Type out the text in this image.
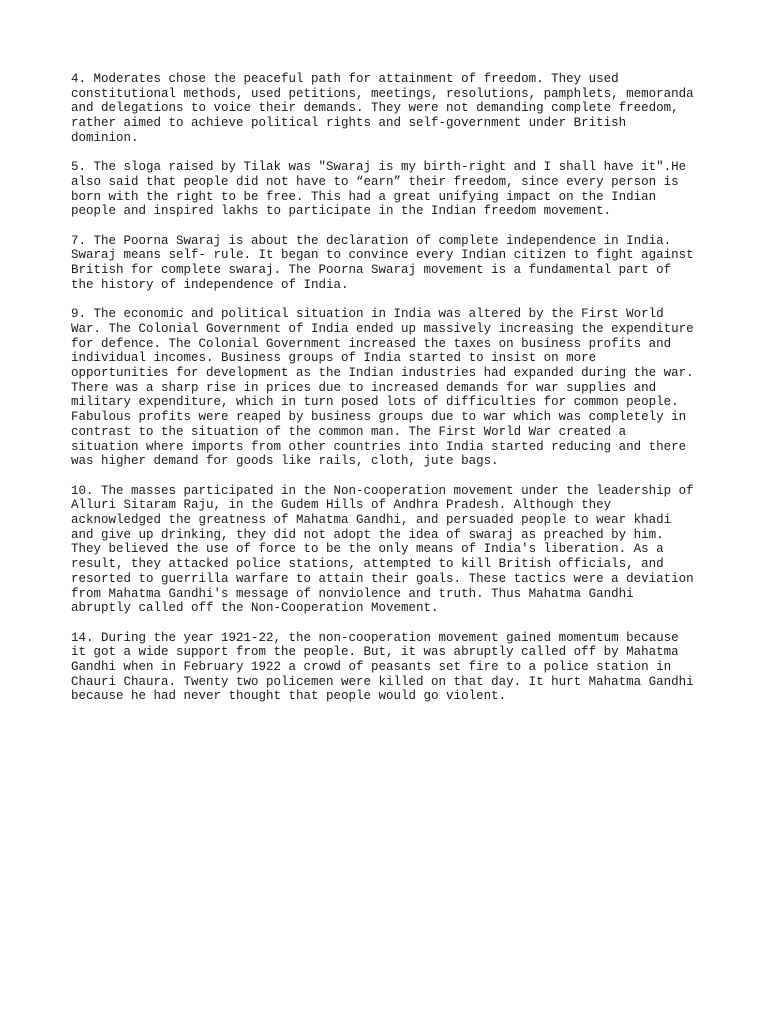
4. Moderates chose the peaceful path for attainment of freedom. They used
constitutional methods, used petitions, meetings, resolutions, pamphlets, memoranda
and delegations to voice their demands. They were not demanding complete freedom,
rather aimed to achieve political rights and self-government under British
dominion.

5. The sloga raised by Tilak was "Swaraj is my birth-right and I shall have it".He
also said that people did not have to “earn” their freedom, since every person is
born with the right to be free. This had a great unifying impact on the Indian
people and inspired lakhs to participate in the Indian freedom movement.

7. The Poorna Swaraj is about the declaration of complete independence in India.
Swaraj means self- rule. It began to convince every Indian citizen to fight against
British for complete swaraj. The Poorna Swaraj movement is a fundamental part of
the history of independence of India.

9. The economic and political situation in India was altered by the First World
War. The Colonial Government of India ended up massively increasing the expenditure
for defence. The Colonial Government increased the taxes on business profits and
individual incomes. Business groups of India started to insist on more
opportunities for development as the Indian industries had expanded during the war.
There was a sharp rise in prices due to increased demands for war supplies and
military expenditure, which in turn posed lots of difficulties for common people.
Fabulous profits were reaped by business groups due to war which was completely in
contrast to the situation of the common man. The First World War created a
situation where imports from other countries into India started reducing and there
was higher demand for goods like rails, cloth, jute bags.

10. The masses participated in the Non-cooperation movement under the leadership of
Alluri Sitaram Raju, in the Gudem Hills of Andhra Pradesh. Although they
acknowledged the greatness of Mahatma Gandhi, and persuaded people to wear khadi
and give up drinking, they did not adopt the idea of swaraj as preached by him.
They believed the use of force to be the only means of India's liberation. As a
result, they attacked police stations, attempted to kill British officials, and
resorted to guerrilla warfare to attain their goals. These tactics were a deviation
from Mahatma Gandhi's message of nonviolence and truth. Thus Mahatma Gandhi
abruptly called off the Non-Cooperation Movement.

14. During the year 1921-22, the non-cooperation movement gained momentum because
it got a wide support from the people. But, it was abruptly called off by Mahatma
Gandhi when in February 1922 a crowd of peasants set fire to a police station in
Chauri Chaura. Twenty two policemen were killed on that day. It hurt Mahatma Gandhi
because he had never thought that people would go violent.
